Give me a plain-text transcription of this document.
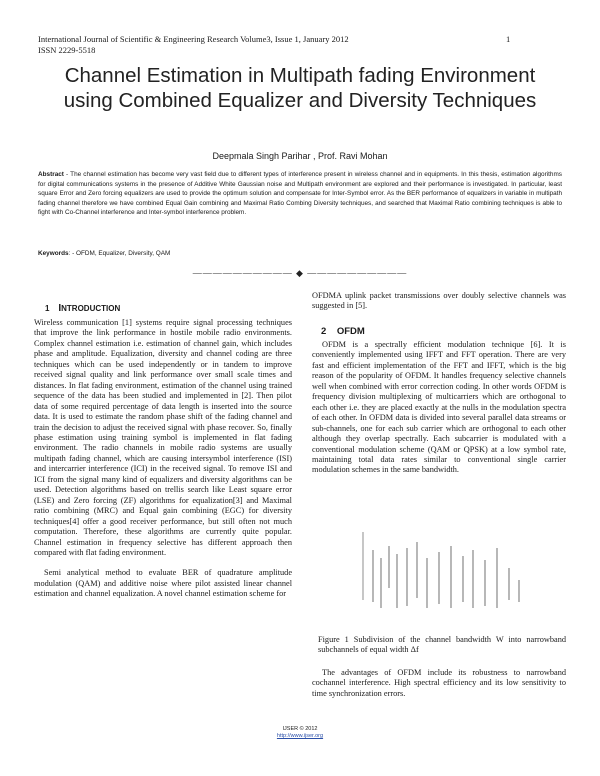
International Journal of Scientific & Engineering Research Volume3, Issue 1, January 2012
ISSN 2229-5518
1
Channel Estimation in Multipath fading Environment using Combined Equalizer and Diversity Techniques
Deepmala Singh Parihar , Prof. Ravi Mohan
Abstract - The channel estimation has become very vast field due to different types of interference present in wireless channel and in equipments. In this thesis, estimation algorithms for digital communications systems in the presence of Additive White Gaussian noise and Multipath environment are explored and their performance is investigated. In particular, least square Error and Zero forcing equalizers are used to provide the optimum solution and compensate for Inter-Symbol error. As the BER performance of equalizers in variable in multipath fading channel therefore we have combined Equal Gain combining and Maximal Ratio Combing Diversity techniques, and searched that Maximal Ratio combining techniques is able to fight with Co-Channel interference and Inter-symbol interference problem.
Keywords: - OFDM, Equalizer, Diversity, QAM
—————————— ◆ ——————————
1 INTRODUCTION

Wireless communication [1] systems require signal processing techniques that improve the link performance in hostile mobile radio environments. Complex channel estimation i.e. estimation of channel gain, which includes phase and amplitude. Equalization, diversity and channel coding are three techniques which can be used independently or in tandem to improve received signal quality and link performance over small scale times and distances. In flat fading environment, estimation of the channel using trained sequence of the data has been studied and implemented in [2]. Then pilot data of some required percentage of data length is inserted into the source data. It is used to estimate the random phase shift of the fading channel and train the decision to adjust the received signal with phase recover. So, finally phase estimation using training symbol is implemented in flat fading environment. The radio channels in mobile radio systems are usually multipath fading channel, which are causing intersymbol interference (ISI) and intercarrier interference (ICI) in the received signal. To remove ISI and ICI from the signal many kind of equalizers and diversity algorithms can be used. Detection algorithms based on trellis search like Least square error (LSE) and Zero forcing (ZF) algorithms for equalization[3] and Maximal ratio combining (MRC) and Equal gain combining (EGC) for diversity techniques[4] offer a good receiver performance, but still often not much computation. Therefore, these algorithms are currently quite popular. Channel estimation in frequency selective has different approach then compared with flat fading environment.

Semi analytical method to evaluate BER of quadrature amplitude modulation (QAM) and additive noise where pilot assisted linear channel estimation and channel equalization. A novel channel estimation scheme for

OFDMA uplink packet transmissions over doubly selective channels was suggested in [5].

2 OFDM

OFDM is a spectrally efficient modulation technique [6]. It is conveniently implemented using IFFT and FFT operation. There are very fast and efficient implementation of the FFT and IFFT, which is the big reason of the popularity of OFDM. It handles frequency selective channels well when combined with error correction coding. In other words OFDM is frequency division multiplexing of multicarriers which are orthogonal to each other i.e. they are placed exactly at the nulls in the modulation spectra of each other. In OFDM data is divided into several parallel data streams or sub-channels, one for each sub carrier which are orthogonal to each other although they overlap spectrally. Each subcarrier is modulated with a conventional modulation scheme (QAM or QPSK) at a low symbol rate, maintaining total data rates similar to conventional single carrier modulation schemes in the same bandwidth.

Figure 1 Subdivision of the channel bandwidth W into narrowband subchannels of equal width Δf

The advantages of OFDM include its robustness to narrowband cochannel interference. High spectral efficiency and its low sensitivity to time synchronization errors.

IJSER © 2012
http://www.ijser.org
